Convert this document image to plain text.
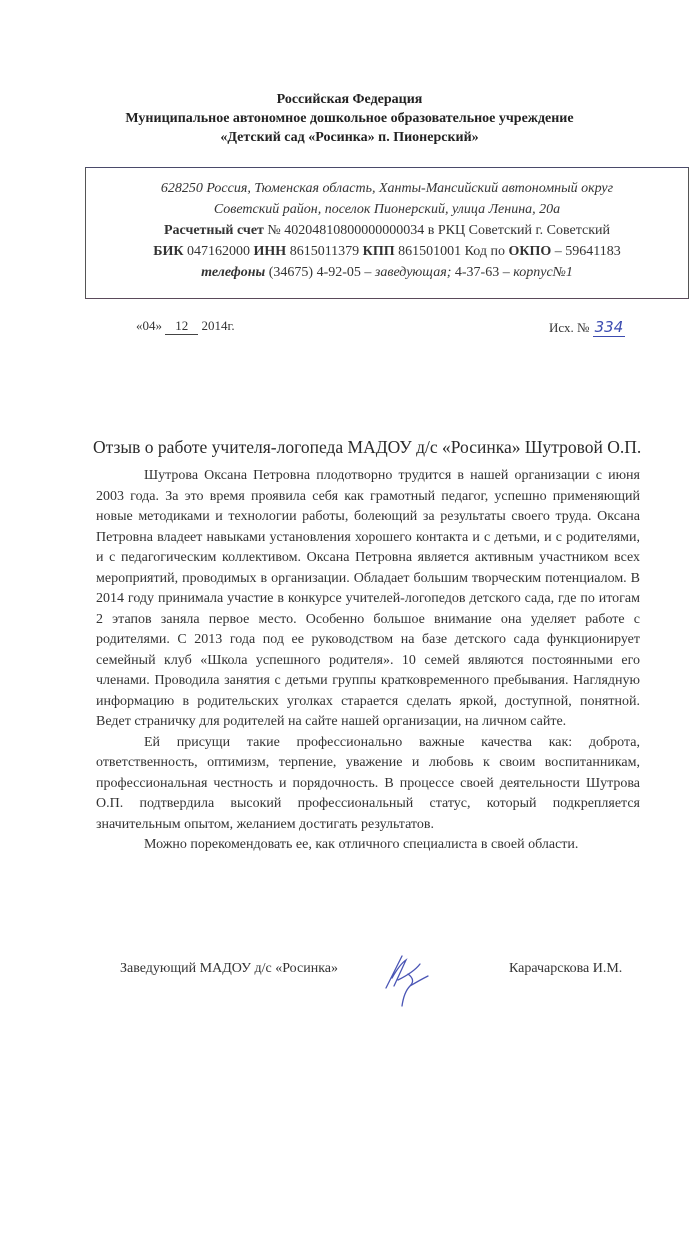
Российская Федерация
Муниципальное автономное дошкольное образовательное учреждение
«Детский сад «Росинка» п. Пионерский»
628250 Россия, Тюменская область, Ханты-Мансийский автономный округ
Советский район, поселок Пионерский, улица Ленина, 20а
Расчетный счет № 40204810800000000034 в РКЦ Советский г. Советский
БИК 047162000 ИНН 8615011379 КПП 861501001 Код по ОКПО – 59641183
телефоны (34675) 4-92-05 – заведующая; 4-37-63 – корпус№1
«04» 12 2014г.	Исх. № 334
Отзыв о работе учителя-логопеда МАДОУ д/с «Росинка» Шутровой О.П.

Шутрова Оксана Петровна плодотворно трудится в нашей организации с июня 2003 года. За это время проявила себя как грамотный педагог, успешно применяющий новые методиками и технологии работы, болеющий за результаты своего труда. Оксана Петровна владеет навыками установления хорошего контакта и с детьми, и с родителями, и с педагогическим коллективом. Оксана Петровна является активным участником всех мероприятий, проводимых в организации. Обладает большим творческим потенциалом. В 2014 году принимала участие в конкурсе учителей-логопедов детского сада, где по итогам 2 этапов заняла первое место. Особенно большое внимание она уделяет работе с родителями. С 2013 года под ее руководством на базе детского сада функционирует семейный клуб «Школа успешного родителя». 10 семей являются постоянными его членами. Проводила занятия с детьми группы кратковременного пребывания. Наглядную информацию в родительских уголках старается сделать яркой, доступной, понятной. Ведет страничку для родителей на сайте нашей организации, на личном сайте.

Ей присущи такие профессионально важные качества как: доброта, ответственность, оптимизм, терпение, уважение и любовь к своим воспитанникам, профессиональная честность и порядочность. В процессе своей деятельности Шутрова О.П. подтвердила высокий профессиональный статус, который подкрепляется значительным опытом, желанием достигать результатов.

Можно порекомендовать ее, как отличного специалиста в своей области.

Заведующий МАДОУ д/с «Росинка»	Карачарскова И.М.
